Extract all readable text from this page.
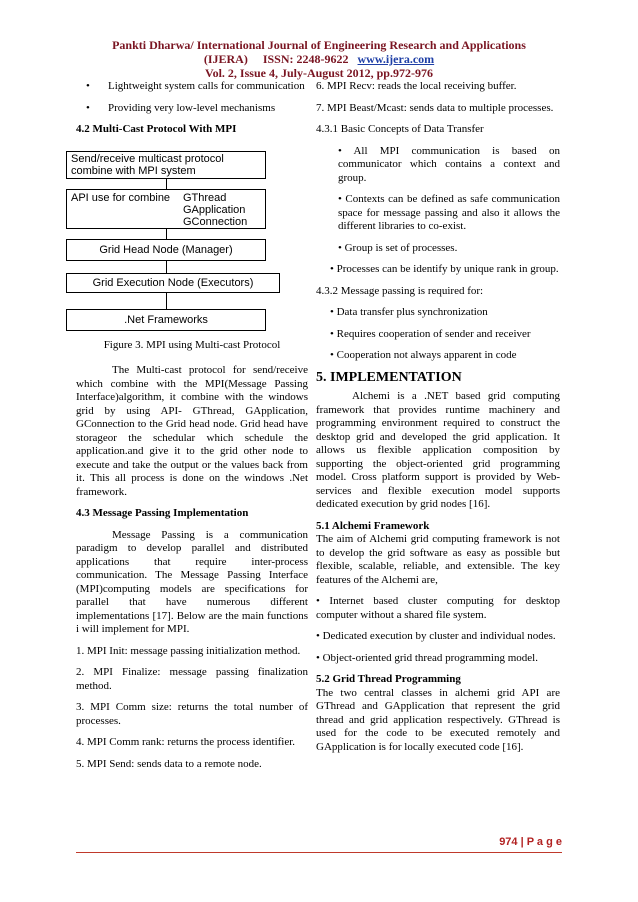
Pankti Dharwa/ International Journal of Engineering Research and Applications
(IJERA) ISSN: 2248-9622 www.ijera.com
Vol. 2, Issue 4, July-August 2012, pp.972-976
•	Lightweight system calls for communication
•	Providing very low-level mechanisms
4.2 Multi-Cast Protocol With MPI
Send/receive multicast protocol combine with MPI system
API use for combine GThread
GApplication
GConnection
Grid Head Node (Manager)
Grid Execution Node (Executors)
.Net Frameworks
Figure 3. MPI using Multi-cast Protocol

The Multi-cast protocol for send/receive which combine with the MPI(Message Passing Interface)algorithm, it combine with the windows grid by using API- GThread, GApplication, GConnection to the Grid head node. Grid head have storageor the schedular which schedule the application.and give it to the grid other node to execute and take the output or the values back from it. This all process is done on the windows .Net framework.

4.3 Message Passing Implementation

Message Passing is a communication paradigm to develop parallel and distributed applications that require inter-process communication. The Message Passing Interface (MPI)computing models are specifications for parallel that have numerous different implementations [17]. Below are the main functions i will implement for MPI.

1. MPI Init: message passing initialization method.

2. MPI Finalize: message passing finalization method.

3. MPI Comm size: returns the total number of processes.

4. MPI Comm rank: returns the process identifier.

5. MPI Send: sends data to a remote node.

6. MPI Recv: reads the local receiving buffer.

7. MPI Beast/Mcast: sends data to multiple processes.

4.3.1 Basic Concepts of Data Transfer

• All MPI communication is based on communicator which contains a context and group.

• Contexts can be defined as safe communication space for message passing and also it allows the different libraries to co-exist.

• Group is set of processes.

• Processes can be identify by unique rank in group.

4.3.2 Message passing is required for:

• Data transfer plus synchronization

• Requires cooperation of sender and receiver

• Cooperation not always apparent in code

5. IMPLEMENTATION

Alchemi is a .NET based grid computing framework that provides runtime machinery and programming environment required to construct the desktop grid and developed the grid application. It allows us flexible application composition by supporting the object-oriented grid programming model. Cross platform support is provided by Web-services and flexible execution model supports dedicated execution by grid nodes [16].

5.1 Alchemi Framework

The aim of Alchemi grid computing framework is not to develop the grid software as easy as possible but flexible, scalable, reliable, and extensible. The key features of the Alchemi are,

• Internet based cluster computing for desktop computer without a shared file system.

• Dedicated execution by cluster and individual nodes.

• Object-oriented grid thread programming model.

5.2 Grid Thread Programming

The two central classes in alchemi grid API are GThread and GApplication that represent the grid thread and grid application respectively. GThread is used for the code to be executed remotely and GApplication is for locally executed code [16].

974 | P a g e
